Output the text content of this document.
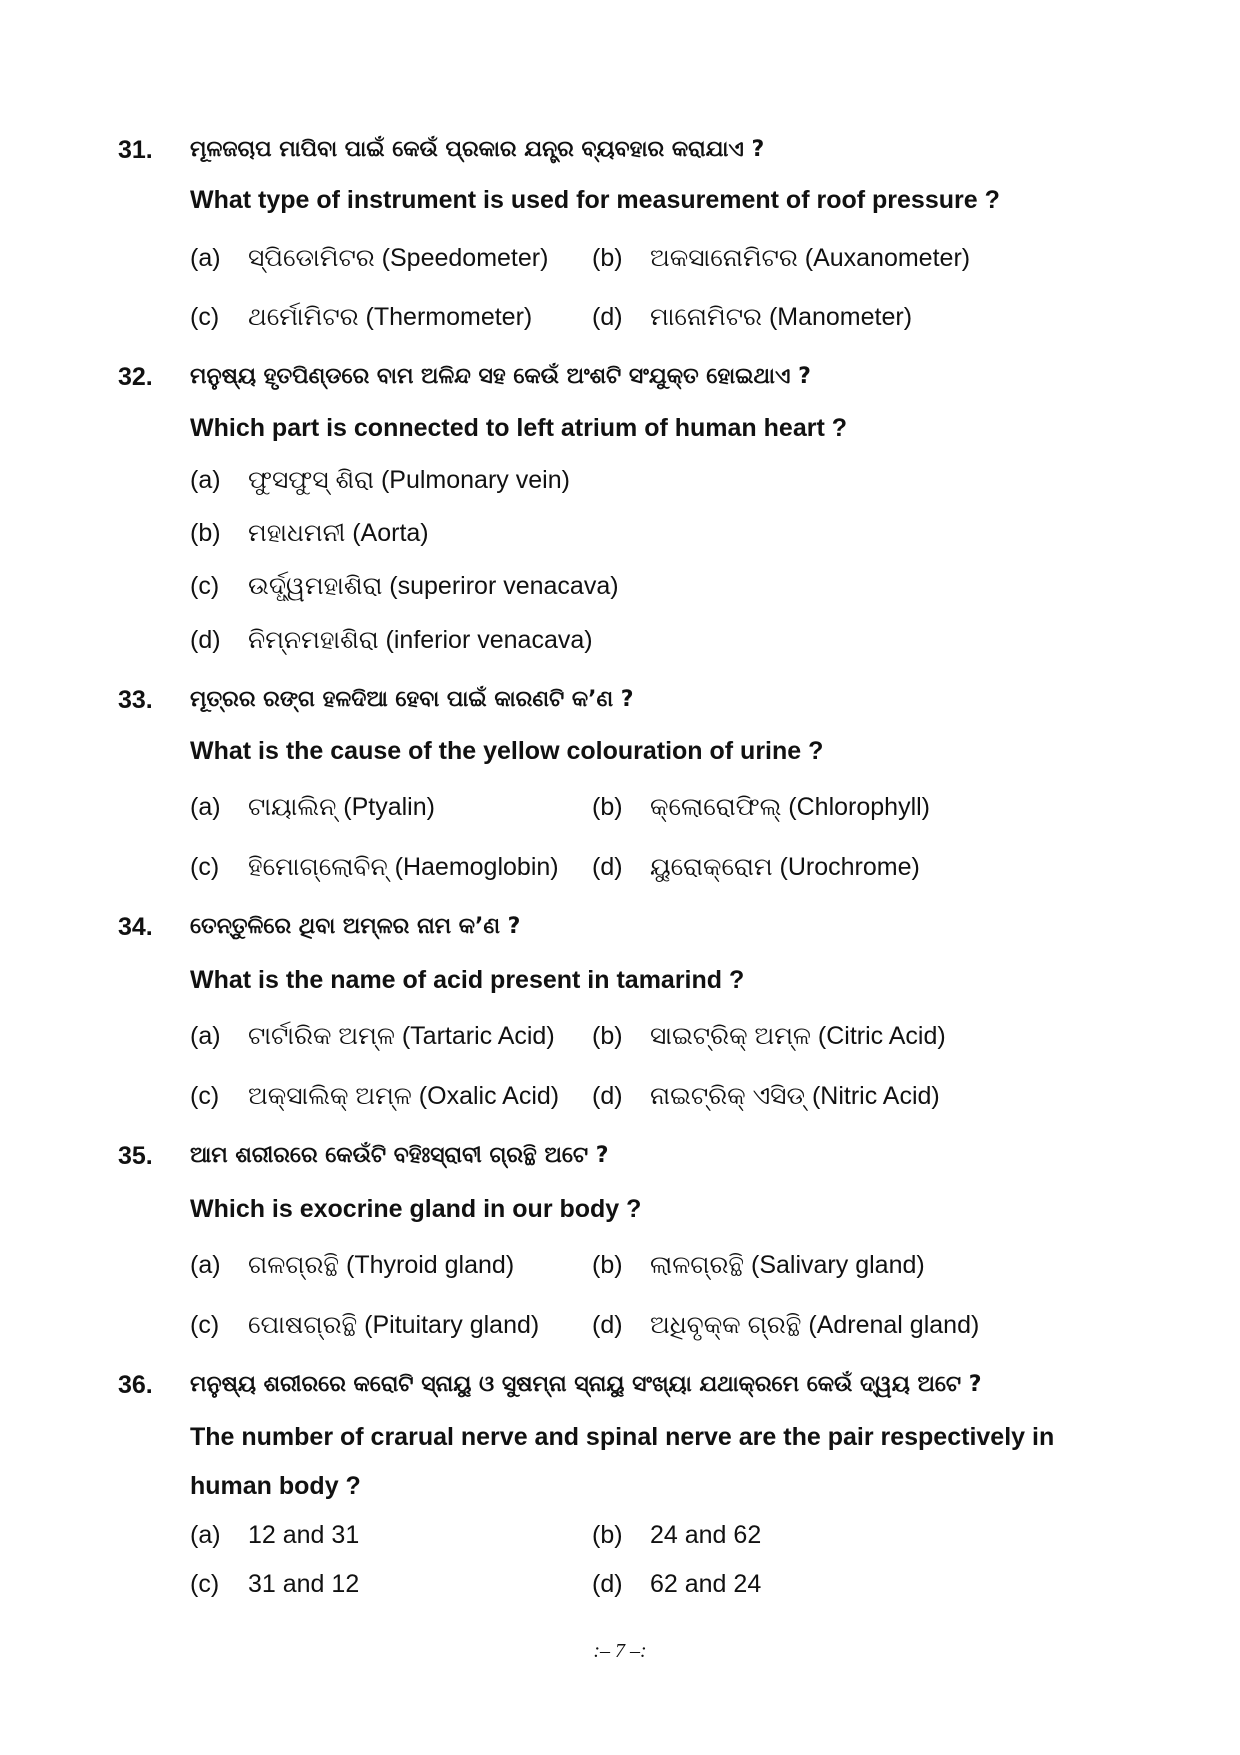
31. ମୂଳଜଚାପ ମାପିବା ପାଇଁ କେଉଁ ପ୍ରକାର ଯନ୍ତ୍ର ବ୍ୟବହାର କରାଯାଏ ?
What type of instrument is used for measurement of roof pressure ?
(a) ସ୍ପିଡୋମିଟର (Speedometer) (b) ଅକସାନୋମିଟର (Auxanometer)
(c) ଥର୍ମୋମିଟର (Thermometer) (d) ମାନୋମିଟର (Manometer)
32. ମନୁଷ୍ୟ ହୃତପିଣ୍ଡରେ ବାମ ଅଳିନ୍ଦ ସହ କେଉଁ ଅଂଶଟି ସଂଯୁକ୍ତ ହୋଇଥାଏ ?
Which part is connected to left atrium of human heart ?
(a) ଫୁସଫୁସ୍ ଶିରା (Pulmonary vein)
(b) ମହାଧମନୀ (Aorta)
(c) ଉର୍ଦ୍ଧ୍ୱମହାଶିରା (superiror venacava)
(d) ନିମ୍ନମହାଶିରା (inferior venacava)
33. ମୂତ୍ରର ରଙ୍ଗ ହଳଦିଆ ହେବା ପାଇଁ କାରଣଟି କ’ଣ ?
What is the cause of the yellow colouration of urine ?
(a) ଟାୟାଲିନ୍ (Ptyalin)	(b) କ୍ଲୋରୋଫିଲ୍ (Chlorophyll)
(c) ହିମୋଗ୍ଲୋବିନ୍ (Haemoglobin) (d) ୟୁରୋକ୍ରୋମ (Urochrome)
34. ତେନ୍ତୁଳିରେ ଥିବା ଅମ୍ଳର ନାମ କ’ଣ ?
What is the name of acid present in tamarind ?
(a) ଟାର୍ଟାରିକ ଅମ୍ଳ (Tartaric Acid) (b) ସାଇଟ୍ରିକ୍ ଅମ୍ଳ (Citric Acid)
(c) ଅକ୍ସାଲିକ୍ ଅମ୍ଳ (Oxalic Acid) (d) ନାଇଟ୍ରିକ୍ ଏସିଡ୍ (Nitric Acid)
35. ଆମ ଶରୀରରେ କେଉଁଟି ବହିଃସ୍ରାବୀ ଗ୍ରନ୍ଥି ଅଟେ ?
Which is exocrine gland in our body ?
(a) ଗଳଗ୍ରନ୍ଥି (Thyroid gland)	(b) ଲାଳଗ୍ରନ୍ଥି (Salivary gland)
(c) ପୋଷଗ୍ରନ୍ଥି (Pituitary gland) (d) ଅଧିବୃକ୍କ ଗ୍ରନ୍ଥି (Adrenal gland)
36. ମନୁଷ୍ୟ ଶରୀରରେ କରୋଟି ସ୍ନାୟୁ ଓ ସୁଷମ୍ନା ସ୍ନାୟୁ ସଂଖ୍ୟା ଯଥାକ୍ରମେ କେଉଁ ଦ୍ୱୟ ଅଟେ ?
The number of crarual nerve and spinal nerve are the pair respectively in
human body ?
(a) 12 and 31	(b) 24 and 62
(c) 31 and 12	(d) 62 and 24
:– 7 –:
